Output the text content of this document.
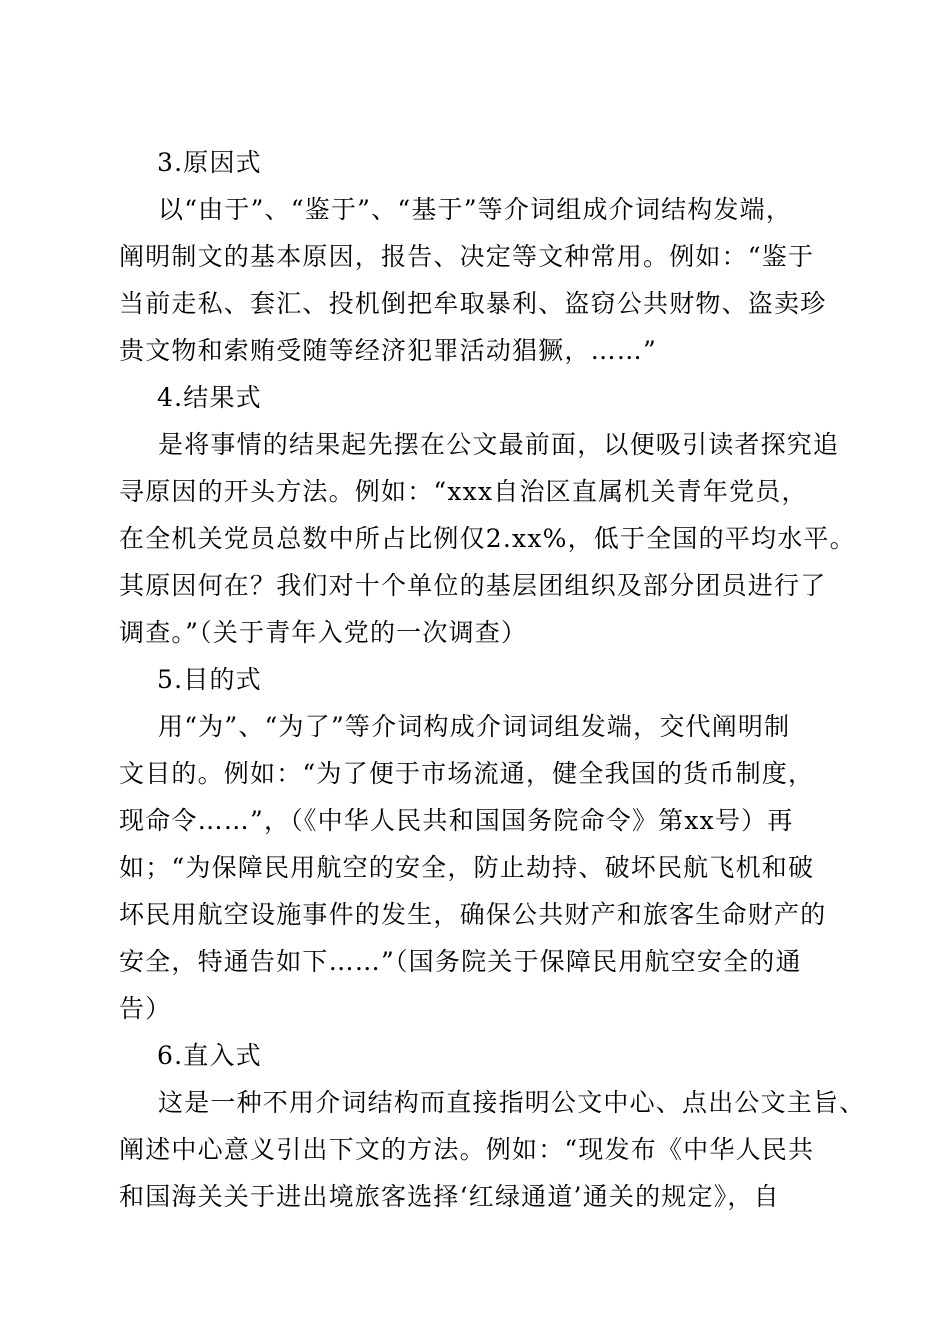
3.原因式
以“由于”、“鉴于”、“基于”等介词组成介词结构发端，
阐明制文的基本原因，报告、决定等文种常用。例如：“鉴于
当前走私、套汇、投机倒把牟取暴利、盗窃公共财物、盗卖珍
贵文物和索贿受随等经济犯罪活动猖獗，……”
4.结果式
是将事情的结果起先摆在公文最前面，以便吸引读者探究追
寻原因的开头方法。例如：“xxx自治区直属机关青年党员，
在全机关党员总数中所占比例仅2.xx%，低于全国的平均水平。
其原因何在？我们对十个单位的基层团组织及部分团员进行了
调查。”（关于青年入党的一次调查）
5.目的式
用“为”、“为了”等介词构成介词词组发端，交代阐明制
文目的。例如：“为了便于市场流通，健全我国的货币制度，
现命令……”，（《中华人民共和国国务院命令》第xx号）再
如；“为保障民用航空的安全，防止劫持、破坏民航飞机和破
坏民用航空设施事件的发生，确保公共财产和旅客生命财产的
安全，特通告如下……”（国务院关于保障民用航空安全的通
告）
6.直入式
这是一种不用介词结构而直接指明公文中心、点出公文主旨、
阐述中心意义引出下文的方法。例如：“现发布《中华人民共
和国海关关于进出境旅客选择‘红绿通道’通关的规定》，自
